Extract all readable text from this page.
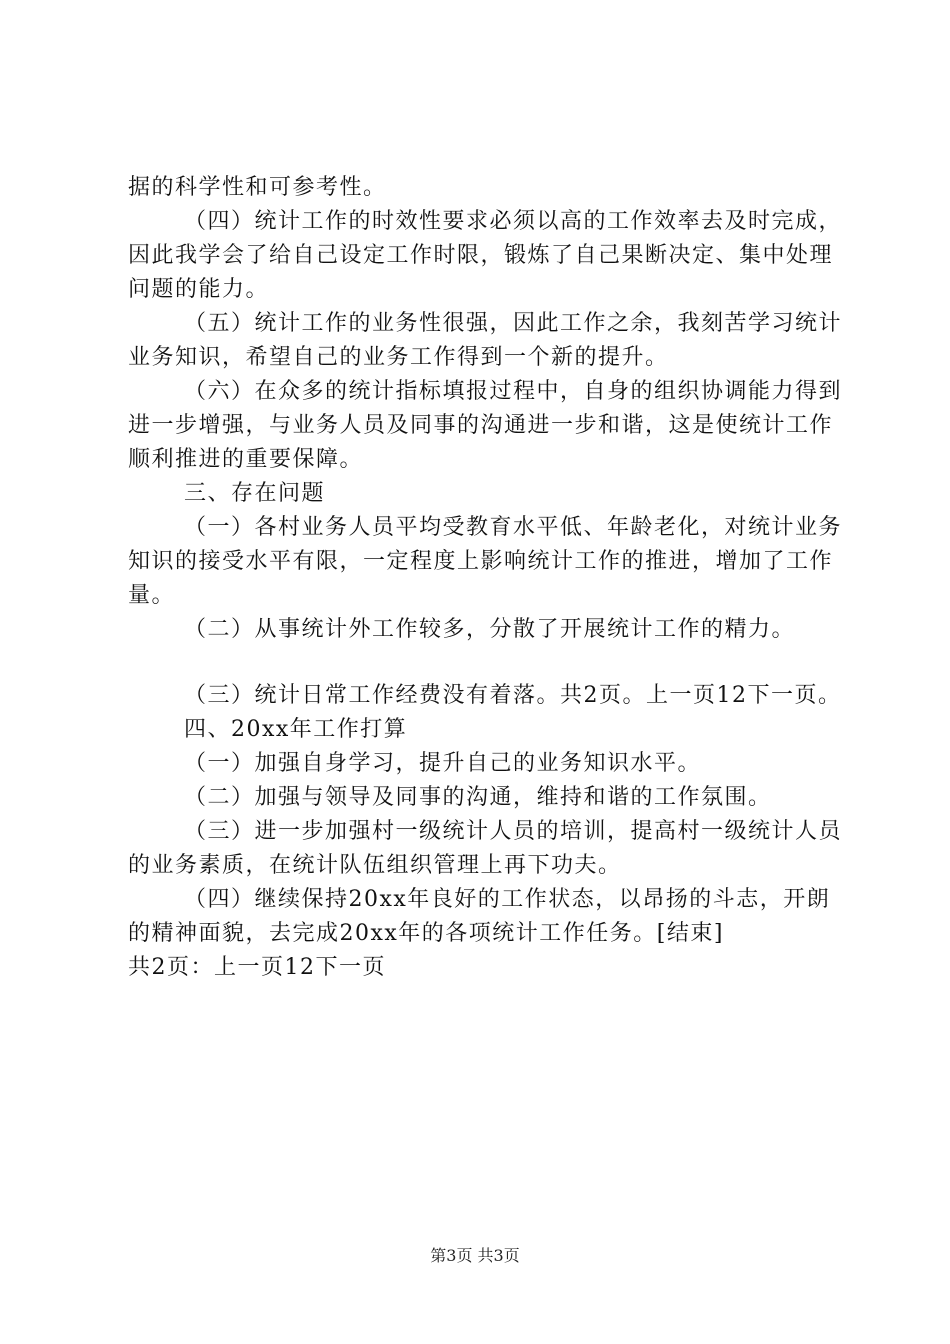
据的科学性和可参考性。

（四）统计工作的时效性要求必须以高的工作效率去及时完成，因此我学会了给自己设定工作时限，锻炼了自己果断决定、集中处理问题的能力。

（五）统计工作的业务性很强，因此工作之余，我刻苦学习统计业务知识，希望自己的业务工作得到一个新的提升。

（六）在众多的统计指标填报过程中，自身的组织协调能力得到进一步增强，与业务人员及同事的沟通进一步和谐，这是使统计工作顺利推进的重要保障。

三、存在问题

（一）各村业务人员平均受教育水平低、年龄老化，对统计业务知识的接受水平有限，一定程度上影响统计工作的推进，增加了工作量。

（二）从事统计外工作较多，分散了开展统计工作的精力。

（三）统计日常工作经费没有着落。共2页。上一页12下一页。

四、20xx年工作打算

（一）加强自身学习，提升自己的业务知识水平。

（二）加强与领导及同事的沟通，维持和谐的工作氛围。

（三）进一步加强村一级统计人员的培训，提高村一级统计人员的业务素质，在统计队伍组织管理上再下功夫。

（四）继续保持20xx年良好的工作状态，以昂扬的斗志，开朗的精神面貌，去完成20xx年的各项统计工作任务。[结束]

共2页：上一页12下一页

第3页 共3页
